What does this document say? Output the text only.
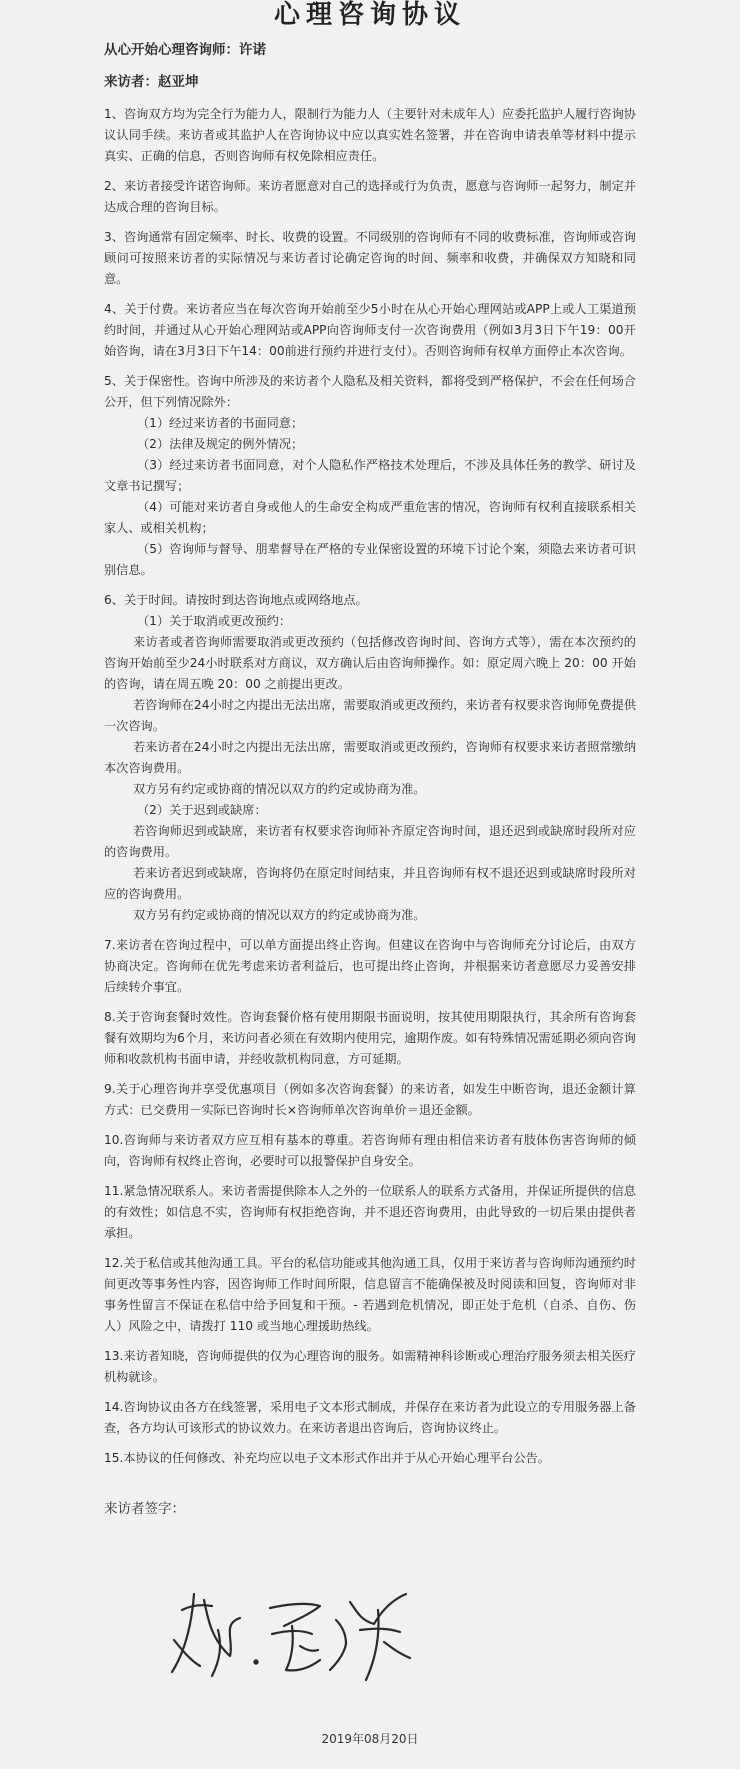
心理咨询协议
从心开始心理咨询师：许诺
来访者：赵亚坤

1、咨询双方均为完全行为能力人，限制行为能力人（主要针对未成年人）应委托监护人履行咨询协议认同手续。来访者或其监护人在咨询协议中应以真实姓名签署，并在咨询申请表单等材料中提示真实、正确的信息，否则咨询师有权免除相应责任。

2、来访者接受许诺咨询师。来访者愿意对自己的选择或行为负责，愿意与咨询师一起努力，制定并达成合理的咨询目标。

3、咨询通常有固定频率、时长、收费的设置。不同级别的咨询师有不同的收费标准，咨询师或咨询顾问可按照来访者的实际情况与来访者讨论确定咨询的时间、频率和收费，并确保双方知晓和同意。

4、关于付费。来访者应当在每次咨询开始前至少5小时在从心开始心理网站或APP上或人工渠道预约时间，并通过从心开始心理网站或APP向咨询师支付一次咨询费用（例如3月3日下午19：00开始咨询，请在3月3日下午14：00前进行预约并进行支付）。否则咨询师有权单方面停止本次咨询。

5、关于保密性。咨询中所涉及的来访者个人隐私及相关资料，都将受到严格保护，不会在任何场合公开，但下列情况除外：

（1）经过来访者的书面同意；

（2）法律及规定的例外情况；

（3）经过来访者书面同意，对个人隐私作严格技术处理后，不涉及具体任务的教学、研讨及文章书记撰写；

（4）可能对来访者自身或他人的生命安全构成严重危害的情况，咨询师有权利直接联系相关家人、或相关机构；

（5）咨询师与督导、朋辈督导在严格的专业保密设置的环境下讨论个案，须隐去来访者可识别信息。

6、关于时间。请按时到达咨询地点或网络地点。

（1）关于取消或更改预约：

来访者或者咨询师需要取消或更改预约（包括修改咨询时间、咨询方式等），需在本次预约的咨询开始前至少24小时联系对方商议，双方确认后由咨询师操作。如：原定周六晚上 20：00 开始的咨询，请在周五晚 20：00 之前提出更改。

若咨询师在24小时之内提出无法出席，需要取消或更改预约，来访者有权要求咨询师免费提供一次咨询。

若来访者在24小时之内提出无法出席，需要取消或更改预约，咨询师有权要求来访者照常缴纳本次咨询费用。

双方另有约定或协商的情况以双方的约定或协商为准。

（2）关于迟到或缺席：

若咨询师迟到或缺席，来访者有权要求咨询师补齐原定咨询时间，退还迟到或缺席时段所对应的咨询费用。

若来访者迟到或缺席，咨询将仍在原定时间结束，并且咨询师有权不退还迟到或缺席时段所对应的咨询费用。

双方另有约定或协商的情况以双方的约定或协商为准。

7.来访者在咨询过程中，可以单方面提出终止咨询。但建议在咨询中与咨询师充分讨论后，由双方协商决定。咨询师在优先考虑来访者利益后，也可提出终止咨询，并根据来访者意愿尽力妥善安排后续转介事宜。

8.关于咨询套餐时效性。咨询套餐价格有使用期限书面说明，按其使用期限执行，其余所有咨询套餐有效期均为6个月，来访问者必须在有效期内使用完，逾期作废。如有特殊情况需延期必须向咨询师和收款机构书面申请，并经收款机构同意，方可延期。

9.关于心理咨询并享受优惠项目（例如多次咨询套餐）的来访者，如发生中断咨询，退还金额计算方式：已交费用－实际已咨询时长×咨询师单次咨询单价＝退还金额。

10.咨询师与来访者双方应互相有基本的尊重。若咨询师有理由相信来访者有肢体伤害咨询师的倾向，咨询师有权终止咨询，必要时可以报警保护自身安全。

11.紧急情况联系人。来访者需提供除本人之外的一位联系人的联系方式备用，并保证所提供的信息的有效性；如信息不实，咨询师有权拒绝咨询，并不退还咨询费用，由此导致的一切后果由提供者承担。

12.关于私信或其他沟通工具。平台的私信功能或其他沟通工具，仅用于来访者与咨询师沟通预约时间更改等事务性内容，因咨询师工作时间所限，信息留言不能确保被及时阅读和回复，咨询师对非事务性留言不保证在私信中给予回复和干预。- 若遇到危机情况，即正处于危机（自杀、自伤、伤人）风险之中，请拨打 110 或当地心理援助热线。

13.来访者知晓，咨询师提供的仅为心理咨询的服务。如需精神科诊断或心理治疗服务须去相关医疗机构就诊。

14.咨询协议由各方在线签署，采用电子文本形式制成，并保存在来访者为此设立的专用服务器上备查，各方均认可该形式的协议效力。在来访者退出咨询后，咨询协议终止。

15.本协议的任何修改、补充均应以电子文本形式作出并于从心开始心理平台公告。

来访者签字：
2019年08月20日
